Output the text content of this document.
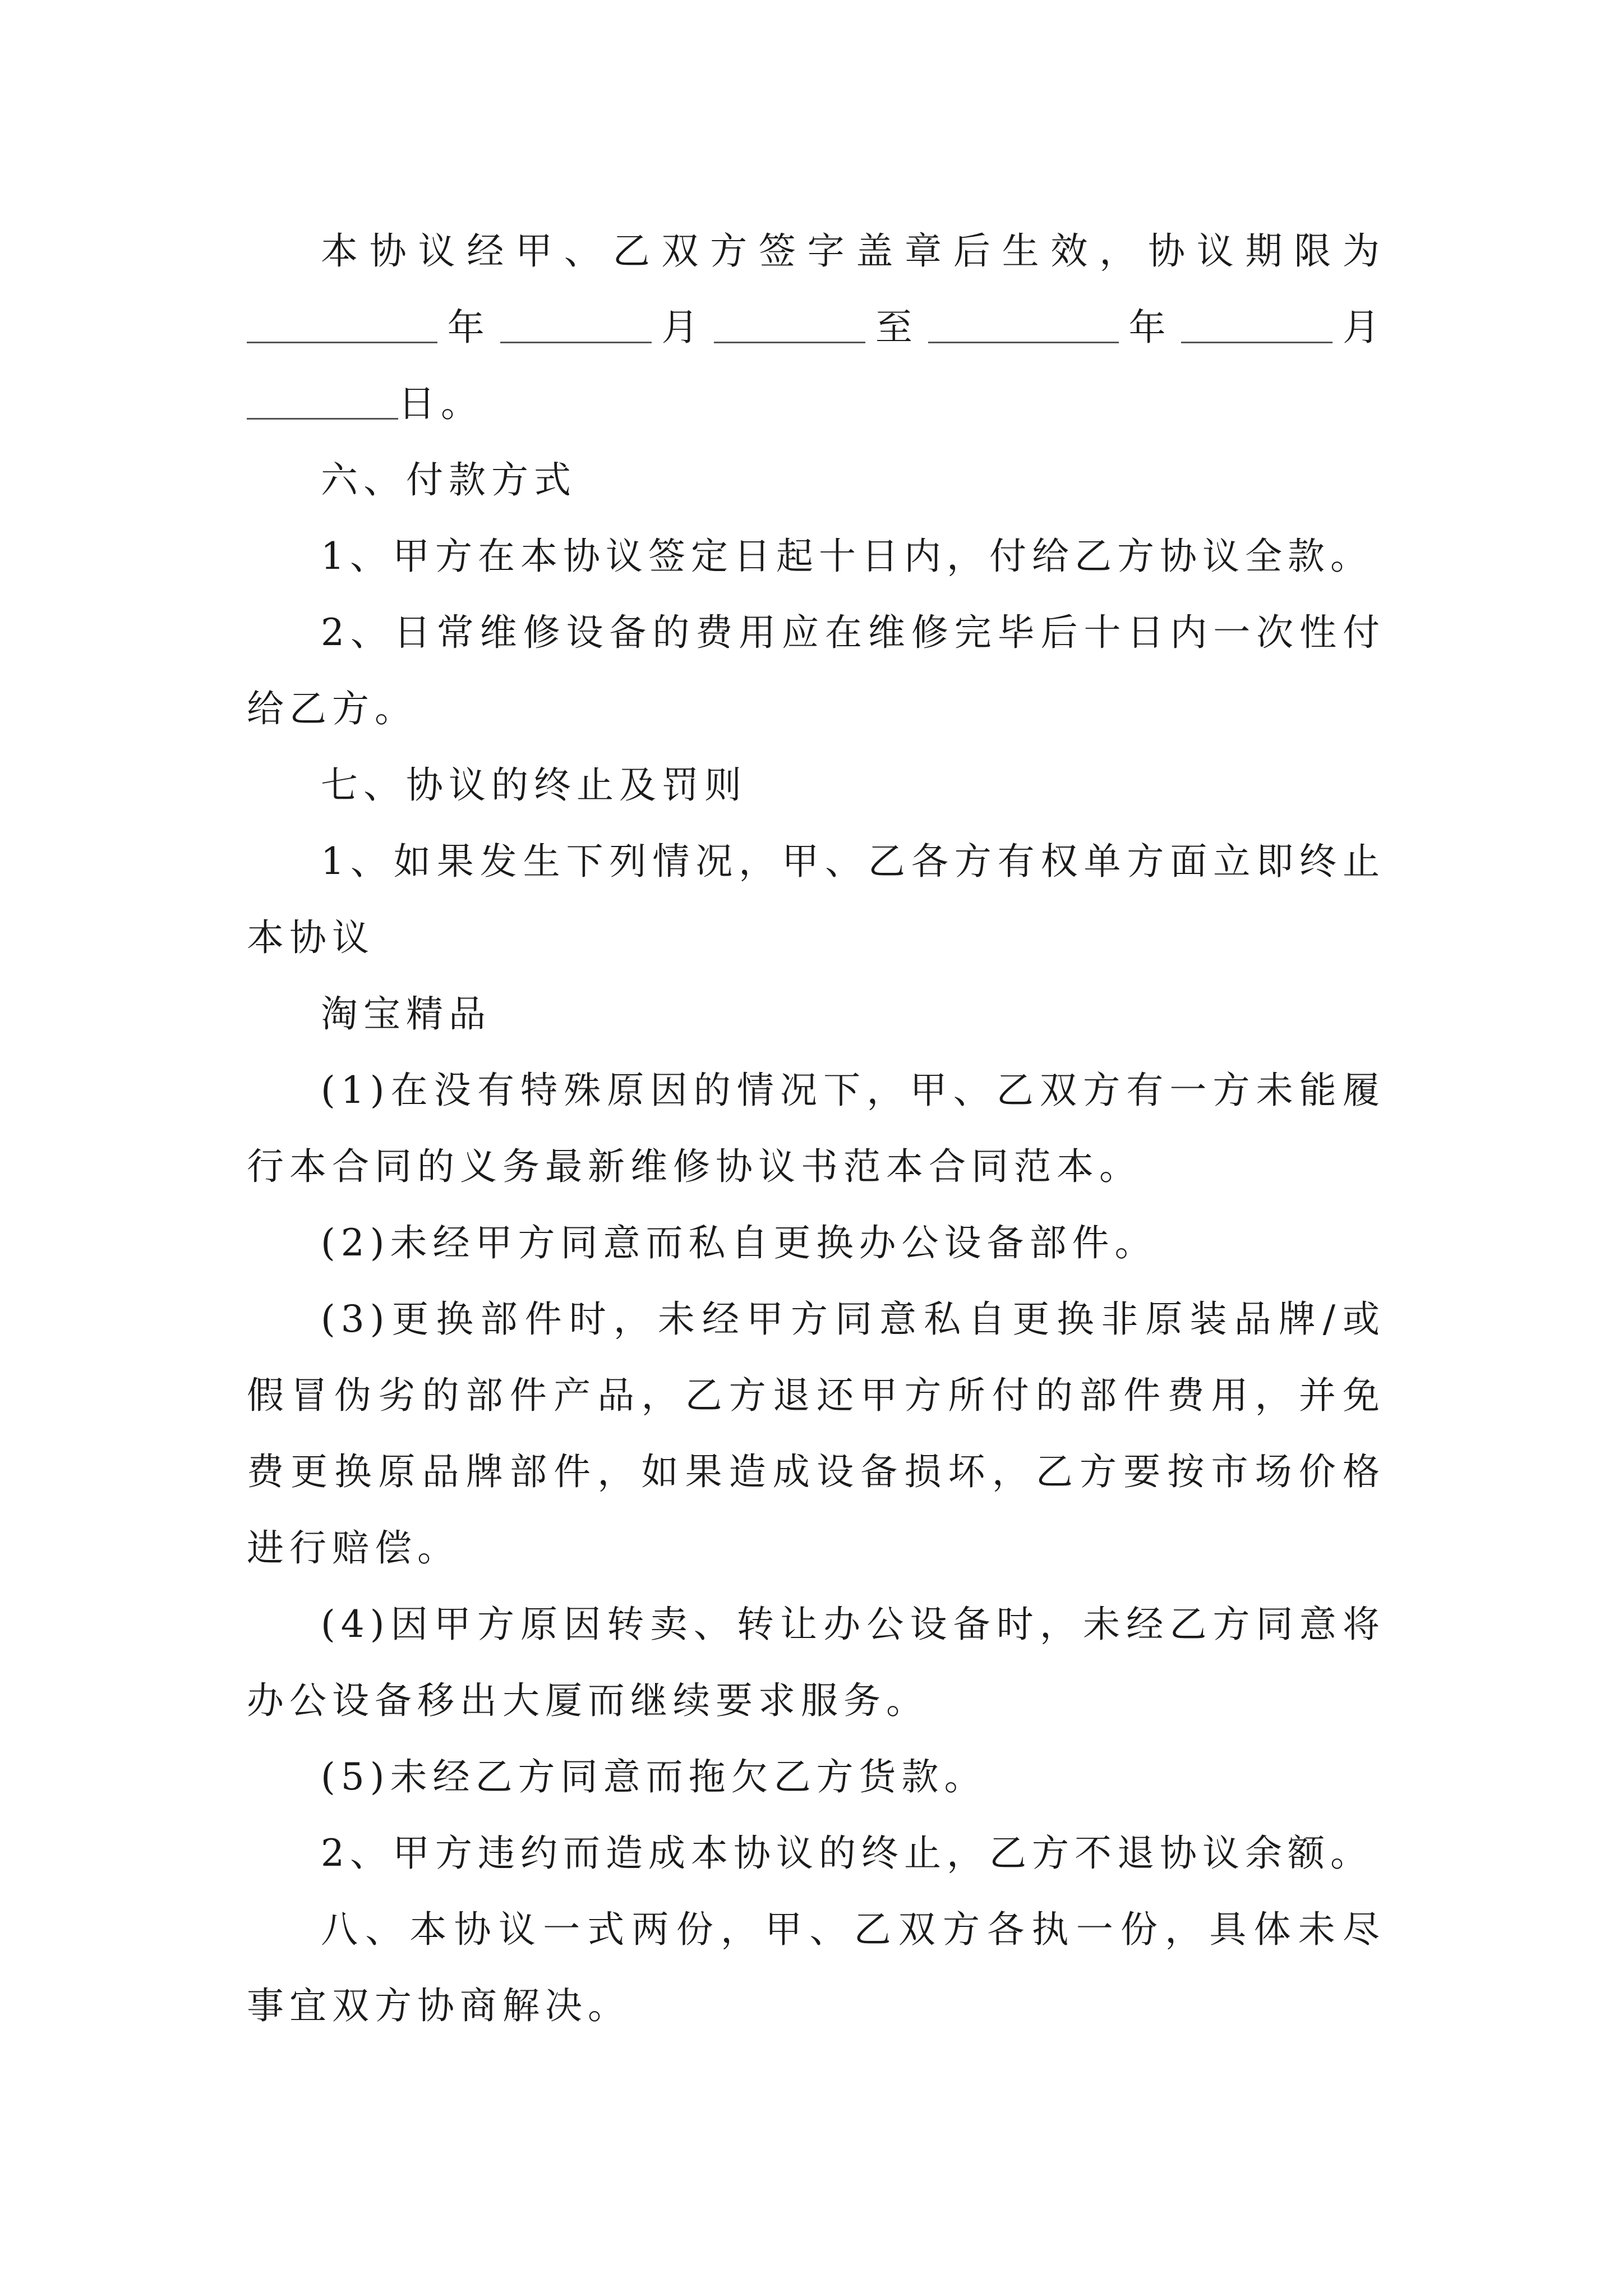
本协议经甲、乙双方签字盖章后生效，协议期限为年	月	至	年	月日。

六、付款方式

1、甲方在本协议签定日起十日内，付给乙方协议全款。

2、日常维修设备的费用应在维修完毕后十日内一次性付给乙方。

七、协议的终止及罚则

1、如果发生下列情况，甲、乙各方有权单方面立即终止本协议

淘宝精品

(1)在没有特殊原因的情况下，甲、乙双方有一方未能履行本合同的义务最新维修协议书范本合同范本。

(2)未经甲方同意而私自更换办公设备部件。

(3)更换部件时，未经甲方同意私自更换非原装品牌/或假冒伪劣的部件产品，乙方退还甲方所付的部件费用，并免费更换原品牌部件，如果造成设备损坏，乙方要按市场价格进行赔偿。

(4)因甲方原因转卖、转让办公设备时，未经乙方同意将办公设备移出大厦而继续要求服务。

(5)未经乙方同意而拖欠乙方货款。

2、甲方违约而造成本协议的终止，乙方不退协议余额。

八、本协议一式两份，甲、乙双方各执一份，具体未尽事宜双方协商解决。
